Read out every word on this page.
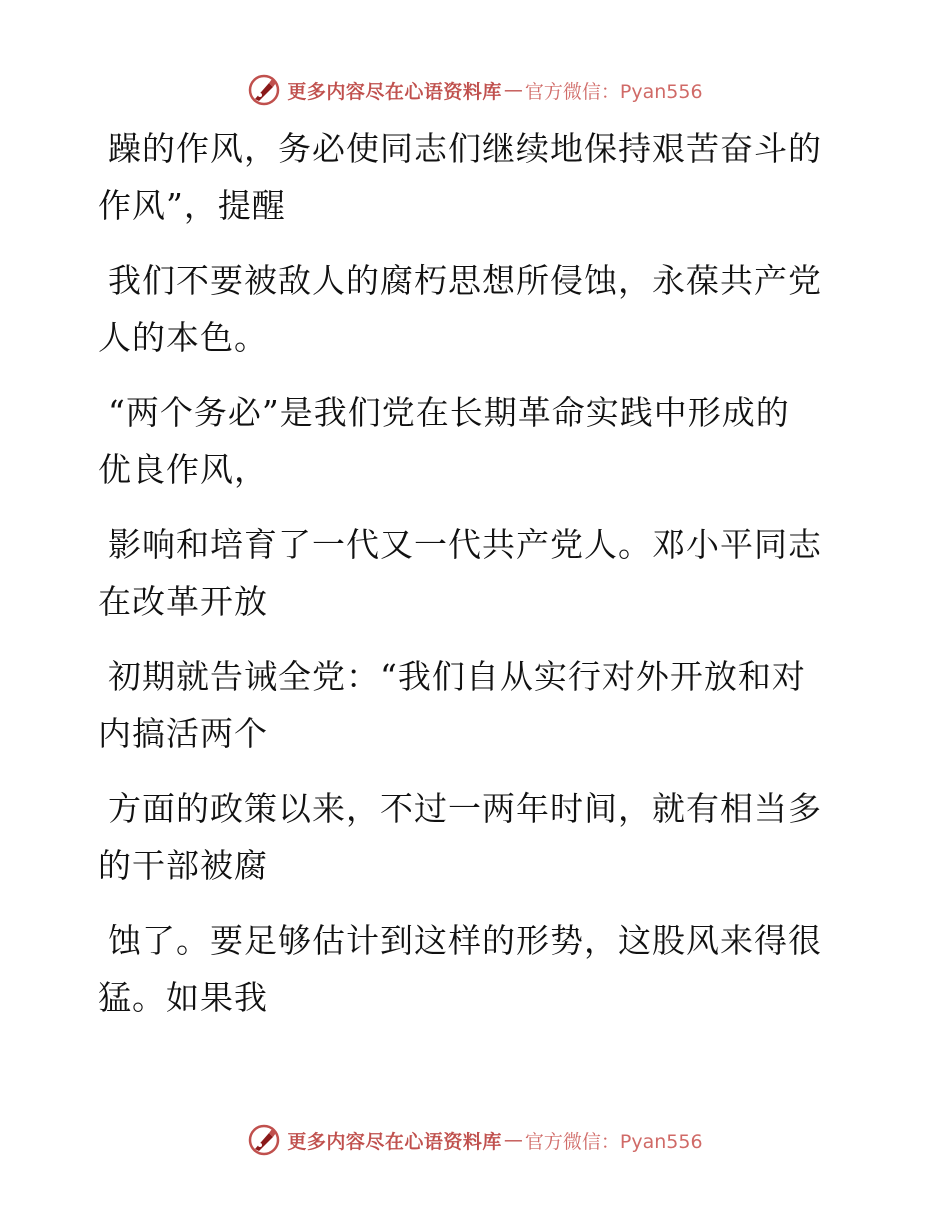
更多内容尽在心语资料库 — 官方微信：Pyan556

躁的作风，务必使同志们继续地保持艰苦奋斗的
作风”，提醒

我们不要被敌人的腐朽思想所侵蚀，永葆共产党
人的本色。

“两个务必”是我们党在长期革命实践中形成的
优良作风，

影响和培育了一代又一代共产党人。邓小平同志
在改革开放

初期就告诫全党：“我们自从实行对外开放和对
内搞活两个

方面的政策以来，不过一两年时间，就有相当多
的干部被腐

蚀了。要足够估计到这样的形势，这股风来得很
猛。如果我

更多内容尽在心语资料库 — 官方微信：Pyan556
